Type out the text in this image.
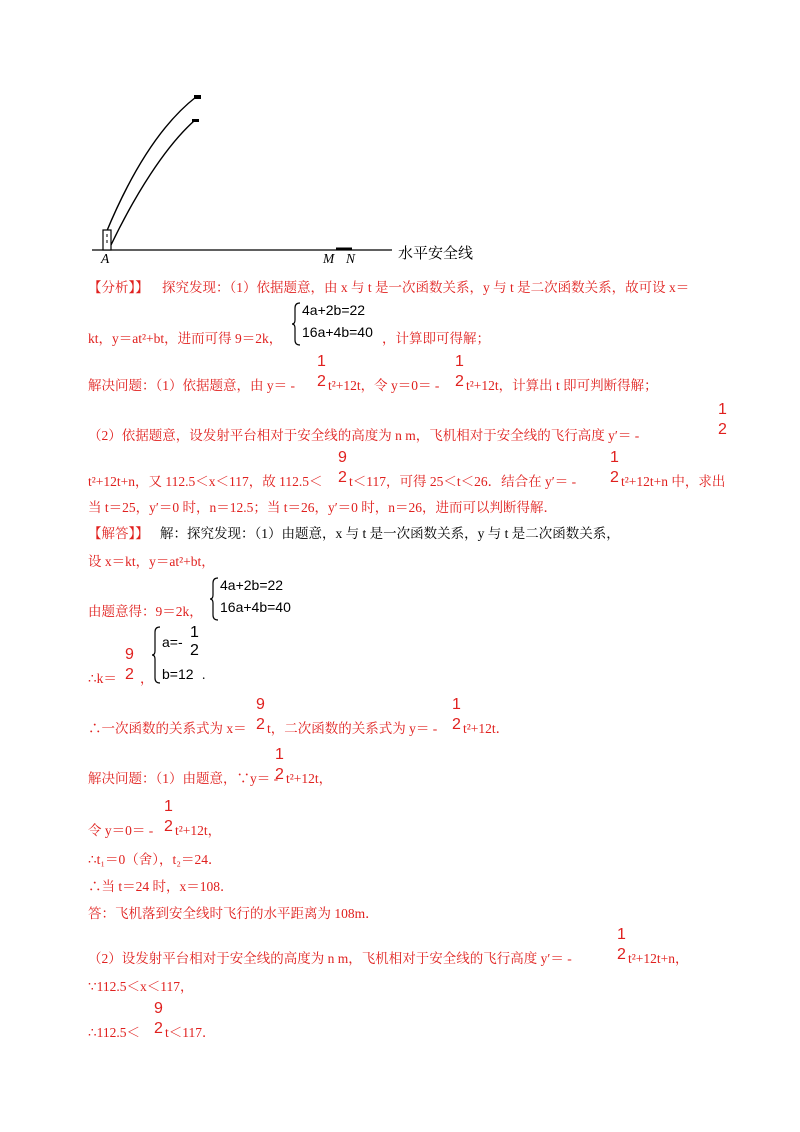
A	M N	水平安全线
【分析】】 探究发现：（1）依据题意，由 x 与 t 是一次函数关系，y 与 t 是二次函数关系，故可设 x＝
kt，y＝at²+bt，进而可得 9＝2k，
4a+2b=22
16a+4b=40 ，计算即可得解；
解决问题：（1）依据题意，由 y＝ -
1
2 t²+12t，令 y＝0＝ -
1
2 t²+12t，计算出 t 即可判断得解；
（2）依据题意，设发射平台相对于安全线的高度为 n m，飞机相对于安全线的飞行高度 y′＝ -
1
2
t²+12t+n，又 112.5＜x＜117，故 112.5＜
9
2 t＜117，可得 25＜t＜26．结合在 y′＝ -
1
2 t²+12t+n 中，求出
当 t＝25，y′＝0 时，n＝12.5；当 t＝26，y′＝0 时，n＝26，进而可以判断得解．
【解答】】 解：探究发现：（1）由题意，x 与 t 是一次函数关系，y 与 t 是二次函数关系，
设 x＝kt，y＝at²+bt，
由题意得：9＝2k，
4a+2b=22
16a+4b=40
∴k＝
9
2 ，
a=-
1
2
b=12 .
∴一次函数的关系式为 x＝
9
2 t，二次函数的关系式为 y＝ -
1
2 t²+12t．
解决问题：（1）由题意，∵y＝ -
1
2 t²+12t，
令 y＝0＝ -
1
2 t²+12t，
∴t₁＝0（舍），t₂＝24．
∴当 t＝24 时，x＝108．
答：飞机落到安全线时飞行的水平距离为 108m．
（2）设发射平台相对于安全线的高度为 n m，飞机相对于安全线的飞行高度 y′＝ -
1
2 t²+12t+n，
∵112.5＜x＜117，
∴112.5＜
9
2 t＜117．
